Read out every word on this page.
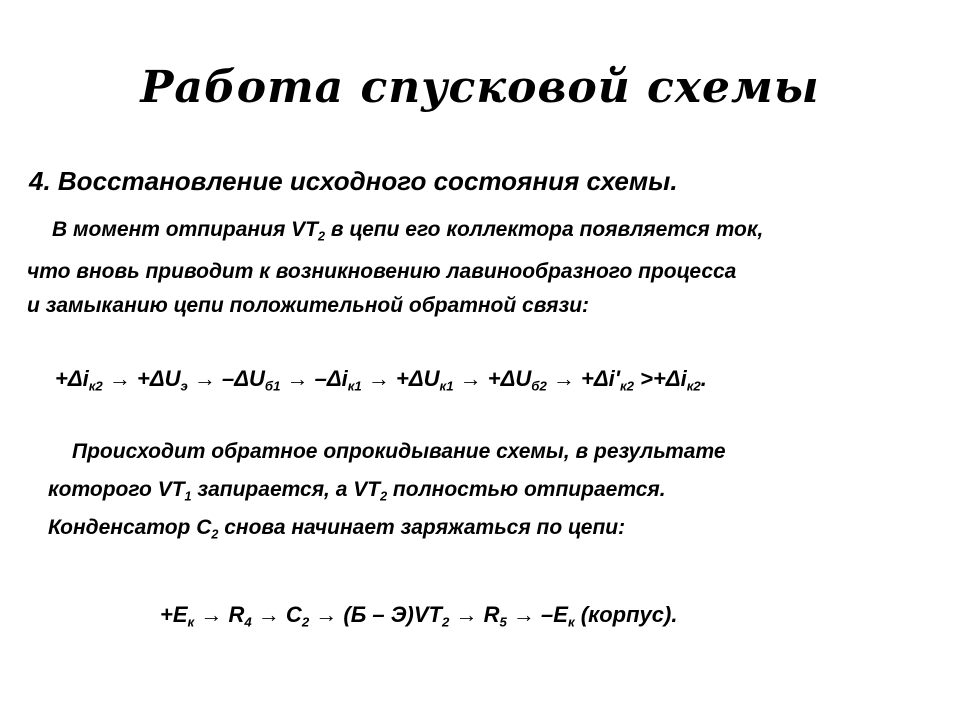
Работа спусковой схемы
4. Восстановление исходного состояния схемы.
В момент отпирания $VT_2$ в цепи его коллектора появляется ток,
что вновь приводит к возникновению лавинообразного процесса
и замыканию цепи положительной обратной связи:
$+\Delta i_{к2} \to +\Delta U_э \to -\Delta U_{б1} \to -\Delta i_{к1} \to +\Delta U_{к1} \to +\Delta U_{б2} \to +\Delta i'_{к2} >+\Delta i_{к2}$.
Происходит обратное опрокидывание схемы, в результате
которого $VT_1$ запирается, а $VT_2$ полностью отпирается.
Конденсатор $С_2$ снова начинает заряжаться по цепи:
$+Е_к \to R_4 \to C_2 \to (Б - Э)VT_2 \to R_5 \to -Е_к$ (корпус).
